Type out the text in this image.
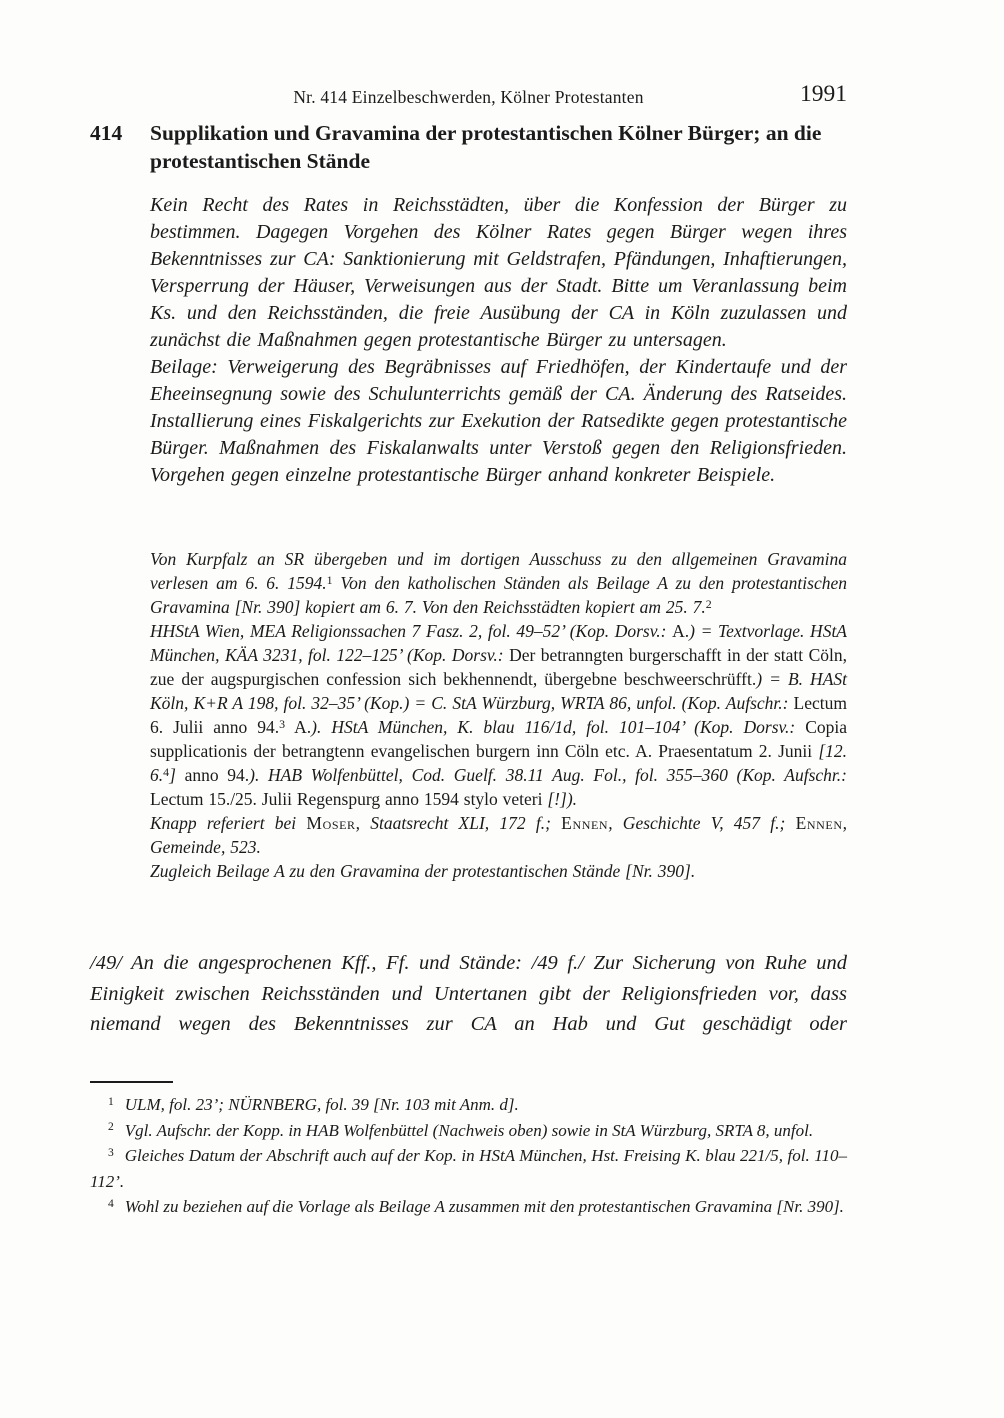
Nr. 414 Einzelbeschwerden, Kölner Protestanten	1991
414	Supplikation und Gravamina der protestantischen Kölner Bürger; an die protestantischen Stände

Kein Recht des Rates in Reichsstädten, über die Konfession der Bürger zu bestimmen. Dagegen Vorgehen des Kölner Rates gegen Bürger wegen ihres Bekenntnisses zur CA: Sanktionierung mit Geldstrafen, Pfändungen, Inhaftierungen, Versperrung der Häuser, Verweisungen aus der Stadt. Bitte um Veranlassung beim Ks. und den Reichsständen, die freie Ausübung der CA in Köln zuzulassen und zunächst die Maßnahmen gegen protestantische Bürger zu untersagen.

Beilage: Verweigerung des Begräbnisses auf Friedhöfen, der Kindertaufe und der Eheeinsegnung sowie des Schulunterrichts gemäß der CA. Änderung des Ratseides. Installierung eines Fiskalgerichts zur Exekution der Ratsedikte gegen protestantische Bürger. Maßnahmen des Fiskalanwalts unter Verstoß gegen den Religionsfrieden. Vorgehen gegen einzelne protestantische Bürger anhand konkreter Beispiele.

Von Kurpfalz an SR übergeben und im dortigen Ausschuss zu den allgemeinen Gravamina verlesen am 6. 6. 1594.$^1$ Von den katholischen Ständen als Beilage A zu den protestantischen Gravamina [Nr. 390] kopiert am 6. 7. Von den Reichsstädten kopiert am 25. 7.$^2$

HHStA Wien, MEA Religionssachen 7 Fasz. 2, fol. 49–52’ (Kop. Dorsv.: A.) = Textvorlage. HStA München, KÄA 3231, fol. 122–125’ (Kop. Dorsv.: Der betranngten burgerschafft in der statt Cöln, zue der augspurgischen confession sich bekhennendt, übergebne beschweerschrüfft.) = B. HASt Köln, K+R A 198, fol. 32–35’ (Kop.) = C. StA Würzburg, WRTA 86, unfol. (Kop. Aufschr.: Lectum 6. Julii anno 94.$^3$ A.). HStA München, K. blau 116/1d, fol. 101–104’ (Kop. Dorsv.: Copia supplicationis der betrangtenn evangelischen burgern inn Cöln etc. A. Praesentatum 2. Junii [12. 6.$^4$] anno 94.). HAB Wolfenbüttel, Cod. Guelf. 38.11 Aug. Fol., fol. 355–360 (Kop. Aufschr.: Lectum 15./25. Julii Regenspurg anno 1594 stylo veteri [!]).

Knapp referiert bei Moser, Staatsrecht XLI, 172 f.; Ennen, Geschichte V, 457 f.; Ennen, Gemeinde, 523.

Zugleich Beilage A zu den Gravamina der protestantischen Stände [Nr. 390].

/49/ An die angesprochenen Kff., Ff. und Stände: /49 f./ Zur Sicherung von Ruhe und Einigkeit zwischen Reichsständen und Untertanen gibt der Religionsfrieden vor, dass niemand wegen des Bekenntnisses zur CA an Hab und Gut geschädigt oder

$^1$ ULM, fol. 23’; NÜRNBERG, fol. 39 [Nr. 103 mit Anm. d].

$^2$ Vgl. Aufschr. der Kopp. in HAB Wolfenbüttel (Nachweis oben) sowie in StA Würzburg, SRTA 8, unfol.

$^3$ Gleiches Datum der Abschrift auch auf der Kop. in HStA München, Hst. Freising K. blau 221/5, fol. 110–112’.

$^4$ Wohl zu beziehen auf die Vorlage als Beilage A zusammen mit den protestantischen Gravamina [Nr. 390].
